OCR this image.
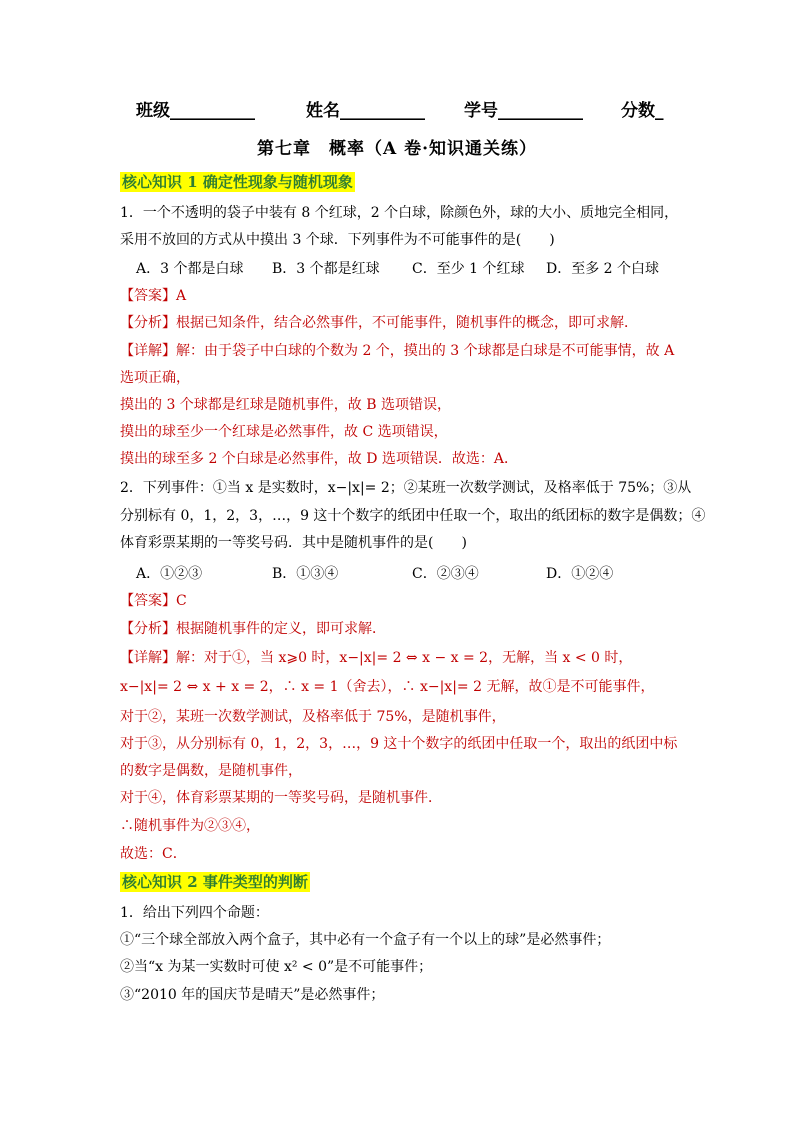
班级__________	姓名__________ 学号__________ 分数_
第七章　概率（A 卷·知识通关练）
核心知识 1 确定性现象与随机现象
1．一个不透明的袋子中装有 8 个红球，2 个白球，除颜色外，球的大小、质地完全相同，
采用不放回的方式从中摸出 3 个球．下列事件为不可能事件的是(　　)
A．3 个都是白球 B．3 个都是红球 C．至少 1 个红球 D．至多 2 个白球
【答案】A
【分析】根据已知条件，结合必然事件，不可能事件，随机事件的概念，即可求解．
【详解】解：由于袋子中白球的个数为 2 个，摸出的 3 个球都是白球是不可能事情，故 A
选项正确，
摸出的 3 个球都是红球是随机事件，故 B 选项错误，
摸出的球至少一个红球是必然事件，故 C 选项错误，
摸出的球至多 2 个白球是必然事件，故 D 选项错误．故选：A．
2．下列事件：①当 x 是实数时，x−|x|= 2；②某班一次数学测试，及格率低于 75%；③从
分别标有 0，1，2，3，…，9 这十个数字的纸团中任取一个，取出的纸团标的数字是偶数；④
体育彩票某期的一等奖号码．其中是随机事件的是(　　)
A．①②③	B．①③④	C．②③④	D．①②④
【答案】C
【分析】根据随机事件的定义，即可求解．
【详解】解：对于①，当 x⩾0 时，x−|x|= 2 ⇔ x − x = 2，无解，当 x < 0 时，
x−|x|= 2 ⇔ x + x = 2，∴ x = 1（舍去），∴ x−|x|= 2 无解，故①是不可能事件，
对于②，某班一次数学测试，及格率低于 75%，是随机事件，
对于③，从分别标有 0，1，2，3，…，9 这十个数字的纸团中任取一个，取出的纸团中标
的数字是偶数，是随机事件，
对于④，体育彩票某期的一等奖号码，是随机事件．
∴随机事件为②③④，
故选：C．
核心知识 2 事件类型的判断
1．给出下列四个命题：
①“三个球全部放入两个盒子，其中必有一个盒子有一个以上的球”是必然事件；
②当“x 为某一实数时可使 x² < 0”是不可能事件；
③“2010 年的国庆节是晴天”是必然事件；
